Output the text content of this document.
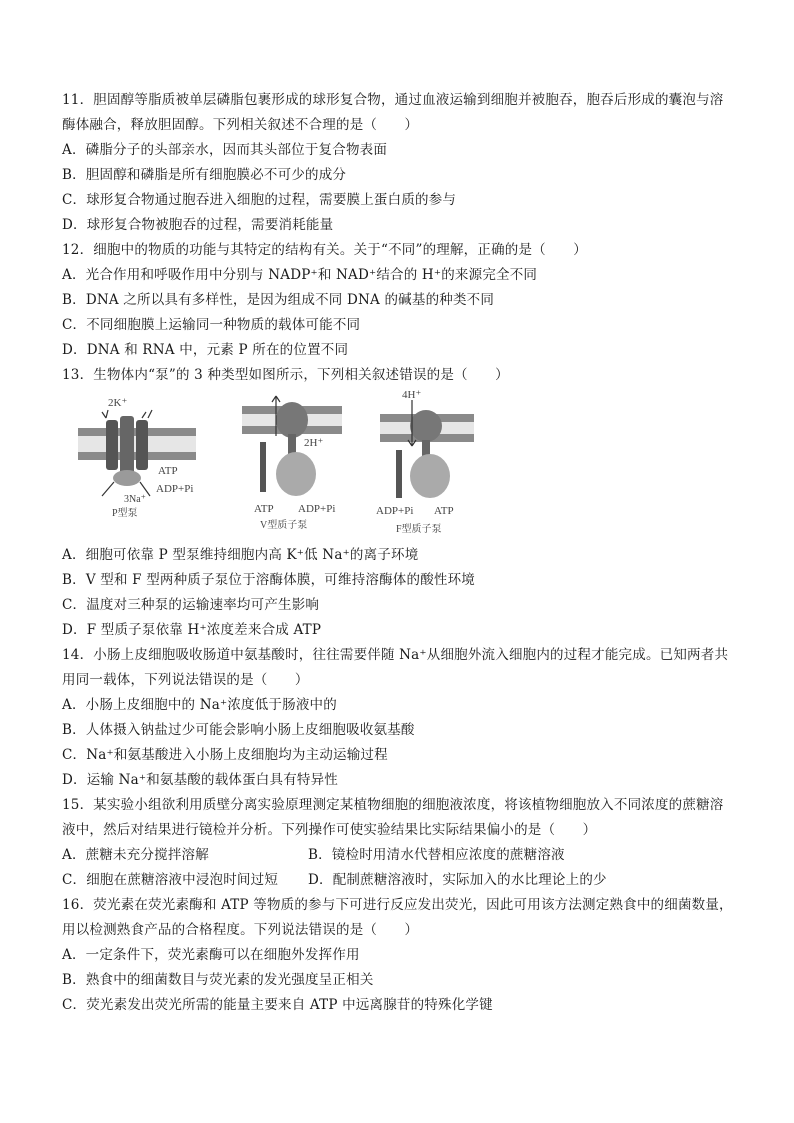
11．胆固醇等脂质被单层磷脂包裹形成的球形复合物，通过血液运输到细胞并被胞吞，胞吞后形成的囊泡与溶
酶体融合，释放胆固醇。下列相关叙述不合理的是（　　）
A．磷脂分子的头部亲水，因而其头部位于复合物表面
B．胆固醇和磷脂是所有细胞膜必不可少的成分
C．球形复合物通过胞吞进入细胞的过程，需要膜上蛋白质的参与
D．球形复合物被胞吞的过程，需要消耗能量
12．细胞中的物质的功能与其特定的结构有关。关于“不同”的理解，正确的是（　　）
A．光合作用和呼吸作用中分别与 NADP⁺和 NAD⁺结合的 H⁺的来源完全不同
B．DNA 之所以具有多样性，是因为组成不同 DNA 的碱基的种类不同
C．不同细胞膜上运输同一种物质的载体可能不同
D．DNA 和 RNA 中，元素 P 所在的位置不同
13．生物体内“泵”的 3 种类型如图所示，下列相关叙述错误的是（　　）
2K⁺
ATP
ADP+Pi
3Na⁺
P型泵
2H⁺
ATP ADP+Pi
V型质子泵
4H⁺
ADP+Pi ATP
F型质子泵
A．细胞可依靠 P 型泵维持细胞内高 K⁺低 Na⁺的离子环境
B．V 型和 F 型两种质子泵位于溶酶体膜，可维持溶酶体的酸性环境
C．温度对三种泵的运输速率均可产生影响
D．F 型质子泵依靠 H⁺浓度差来合成 ATP
14．小肠上皮细胞吸收肠道中氨基酸时，往往需要伴随 Na⁺从细胞外流入细胞内的过程才能完成。已知两者共
用同一载体，下列说法错误的是（　　）
A．小肠上皮细胞中的 Na⁺浓度低于肠液中的
B．人体摄入钠盐过少可能会影响小肠上皮细胞吸收氨基酸
C．Na⁺和氨基酸进入小肠上皮细胞均为主动运输过程
D．运输 Na⁺和氨基酸的载体蛋白具有特异性
15．某实验小组欲利用质壁分离实验原理测定某植物细胞的细胞液浓度，将该植物细胞放入不同浓度的蔗糖溶
液中，然后对结果进行镜检并分析。下列操作可使实验结果比实际结果偏小的是（　　）
A．蔗糖未充分搅拌溶解	B．镜检时用清水代替相应浓度的蔗糖溶液
C．细胞在蔗糖溶液中浸泡时间过短	D．配制蔗糖溶液时，实际加入的水比理论上的少
16．荧光素在荧光素酶和 ATP 等物质的参与下可进行反应发出荧光，因此可用该方法测定熟食中的细菌数量，
用以检测熟食产品的合格程度。下列说法错误的是（　　）
A．一定条件下，荧光素酶可以在细胞外发挥作用
B．熟食中的细菌数目与荧光素的发光强度呈正相关
C．荧光素发出荧光所需的能量主要来自 ATP 中远离腺苷的特殊化学键
